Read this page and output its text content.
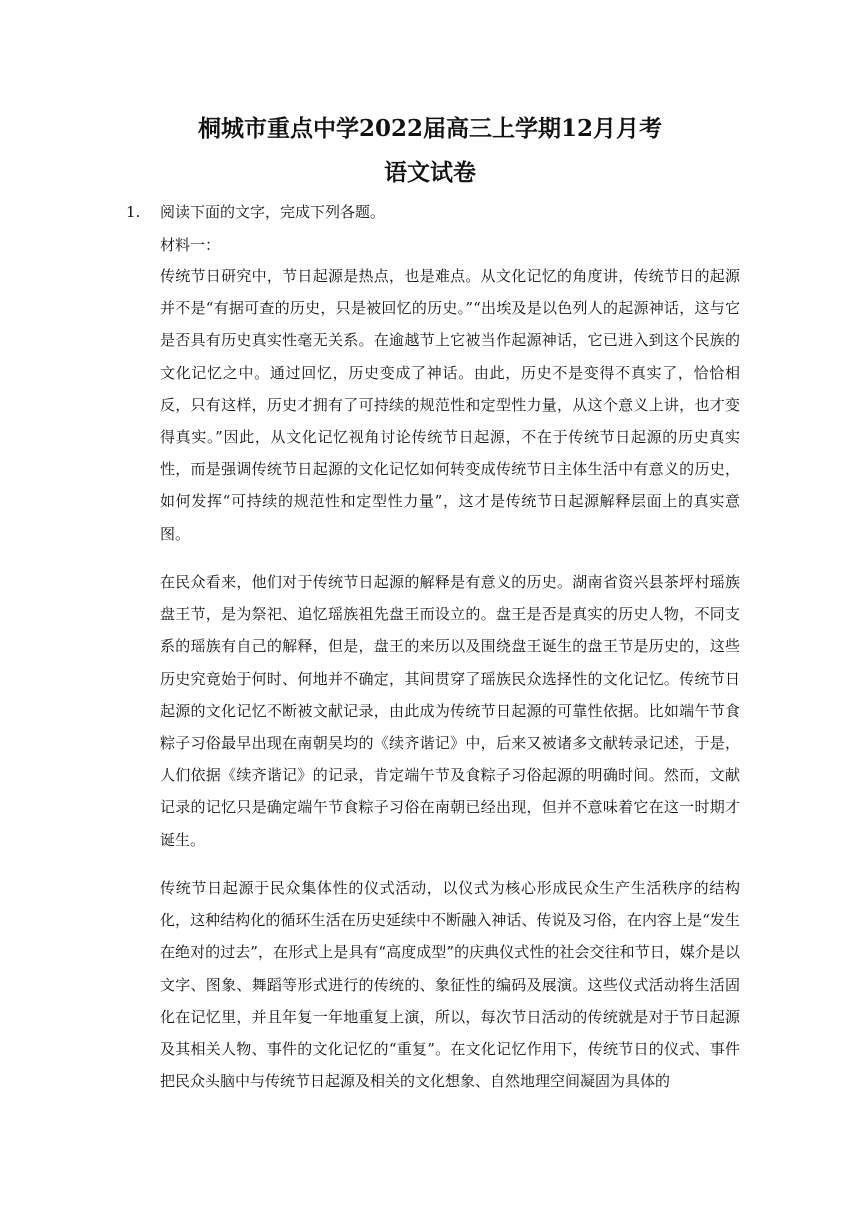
桐城市重点中学2022届高三上学期12月月考
语文试卷
1. 阅读下面的文字，完成下列各题。
材料一：

传统节日研究中，节日起源是热点，也是难点。从文化记忆的角度讲，传统节日的起源并不是“有据可查的历史，只是被回忆的历史。”“出埃及是以色列人的起源神话，这与它是否具有历史真实性毫无关系。在逾越节上它被当作起源神话，它已进入到这个民族的文化记忆之中。通过回忆，历史变成了神话。由此，历史不是变得不真实了，恰恰相反，只有这样，历史才拥有了可持续的规范性和定型性力量，从这个意义上讲，也才变得真实。”因此，从文化记忆视角讨论传统节日起源，不在于传统节日起源的历史真实性，而是强调传统节日起源的文化记忆如何转变成传统节日主体生活中有意义的历史，如何发挥“可持续的规范性和定型性力量”，这才是传统节日起源解释层面上的真实意图。

在民众看来，他们对于传统节日起源的解释是有意义的历史。湖南省资兴县茶坪村瑶族盘王节，是为祭祀、追忆瑶族祖先盘王而设立的。盘王是否是真实的历史人物，不同支系的瑶族有自己的解释，但是，盘王的来历以及围绕盘王诞生的盘王节是历史的，这些历史究竟始于何时、何地并不确定，其间贯穿了瑶族民众选择性的文化记忆。传统节日起源的文化记忆不断被文献记录，由此成为传统节日起源的可靠性依据。比如端午节食粽子习俗最早出现在南朝吴均的《续齐谐记》中，后来又被诸多文献转录记述，于是，人们依据《续齐谐记》的记录，肯定端午节及食粽子习俗起源的明确时间。然而，文献记录的记忆只是确定端午节食粽子习俗在南朝已经出现，但并不意味着它在这一时期才诞生。

传统节日起源于民众集体性的仪式活动，以仪式为核心形成民众生产生活秩序的结构化，这种结构化的循环生活在历史延续中不断融入神话、传说及习俗，在内容上是“发生在绝对的过去”，在形式上是具有“高度成型”的庆典仪式性的社会交往和节日，媒介是以文字、图象、舞蹈等形式进行的传统的、象征性的编码及展演。这些仪式活动将生活固化在记忆里，并且年复一年地重复上演，所以，每次节日活动的传统就是对于节日起源及其相关人物、事件的文化记忆的“重复”。在文化记忆作用下，传统节日的仪式、事件把民众头脑中与传统节日起源及相关的文化想象、自然地理空间凝固为具体的
